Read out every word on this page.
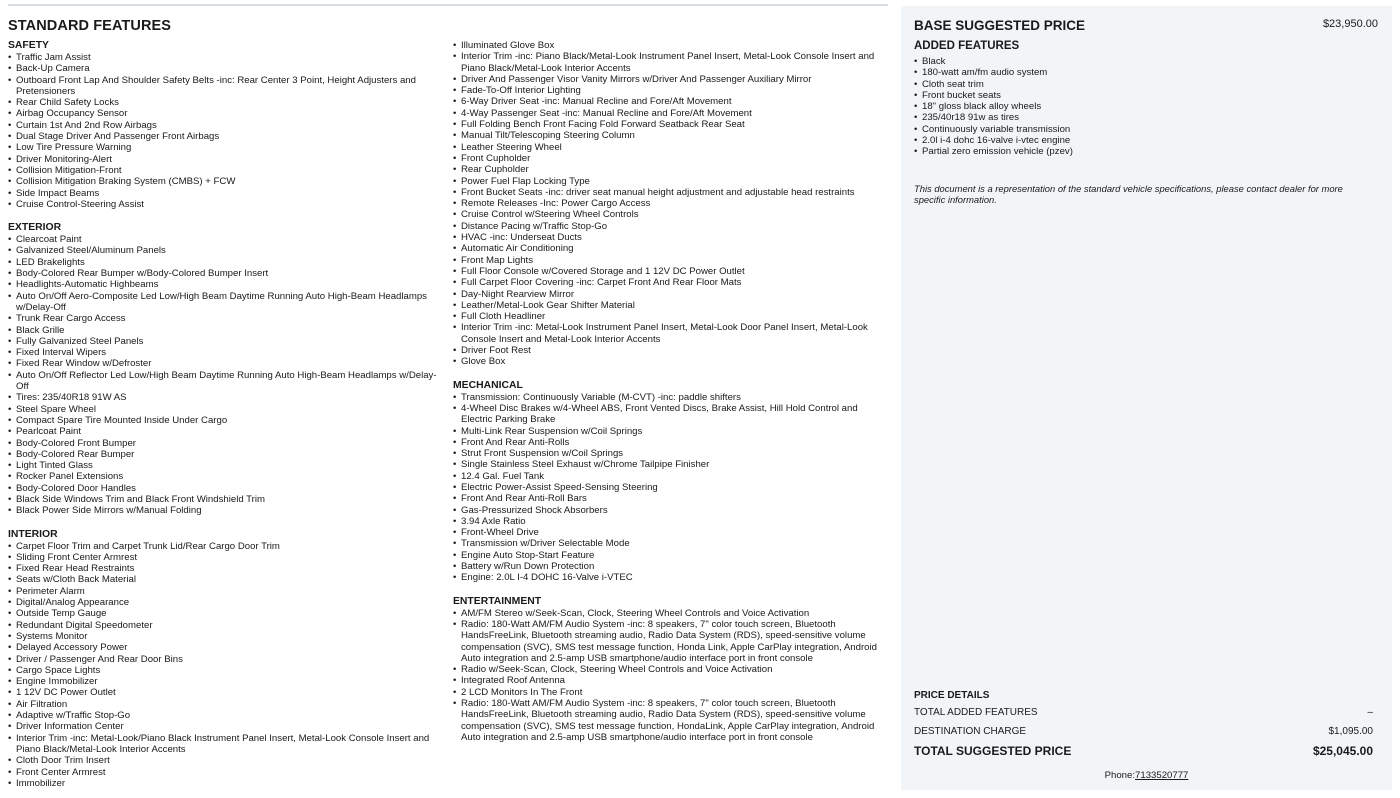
STANDARD FEATURES
SAFETY
• Traffic Jam Assist
• Back-Up Camera
• Outboard Front Lap And Shoulder Safety Belts -inc: Rear Center 3 Point, Height Adjusters and Pretensioners
• Rear Child Safety Locks
• Airbag Occupancy Sensor
• Curtain 1st And 2nd Row Airbags
• Dual Stage Driver And Passenger Front Airbags
• Low Tire Pressure Warning
• Driver Monitoring-Alert
• Collision Mitigation-Front
• Collision Mitigation Braking System (CMBS) + FCW
• Side Impact Beams
• Cruise Control-Steering Assist
EXTERIOR
• Clearcoat Paint
• Galvanized Steel/Aluminum Panels
• LED Brakelights
• Body-Colored Rear Bumper w/Body-Colored Bumper Insert
• Headlights-Automatic Highbeams
• Auto On/Off Aero-Composite Led Low/High Beam Daytime Running Auto High-Beam Headlamps w/Delay-Off
• Trunk Rear Cargo Access
• Black Grille
• Fully Galvanized Steel Panels
• Fixed Interval Wipers
• Fixed Rear Window w/Defroster
• Auto On/Off Reflector Led Low/High Beam Daytime Running Auto High-Beam Headlamps w/Delay-Off
• Tires: 235/40R18 91W AS
• Steel Spare Wheel
• Compact Spare Tire Mounted Inside Under Cargo
• Pearlcoat Paint
• Body-Colored Front Bumper
• Body-Colored Rear Bumper
• Light Tinted Glass
• Rocker Panel Extensions
• Body-Colored Door Handles
• Black Side Windows Trim and Black Front Windshield Trim
• Black Power Side Mirrors w/Manual Folding
INTERIOR
• Carpet Floor Trim and Carpet Trunk Lid/Rear Cargo Door Trim
• Sliding Front Center Armrest
• Fixed Rear Head Restraints
• Seats w/Cloth Back Material
• Perimeter Alarm
• Digital/Analog Appearance
• Outside Temp Gauge
• Redundant Digital Speedometer
• Systems Monitor
• Delayed Accessory Power
• Driver / Passenger And Rear Door Bins
• Cargo Space Lights
• Engine Immobilizer
• 1 12V DC Power Outlet
• Air Filtration
• Adaptive w/Traffic Stop-Go
• Driver Information Center
• Interior Trim -inc: Metal-Look/Piano Black Instrument Panel Insert, Metal-Look Console Insert and Piano Black/Metal-Look Interior Accents
• Cloth Door Trim Insert
• Front Center Armrest
• Immobilizer
• Illuminated Glove Box
• Interior Trim -inc: Piano Black/Metal-Look Instrument Panel Insert, Metal-Look Console Insert and Piano Black/Metal-Look Interior Accents
• Driver And Passenger Visor Vanity Mirrors w/Driver And Passenger Auxiliary Mirror
• Fade-To-Off Interior Lighting
• 6-Way Driver Seat -inc: Manual Recline and Fore/Aft Movement
• 4-Way Passenger Seat -inc: Manual Recline and Fore/Aft Movement
• Full Folding Bench Front Facing Fold Forward Seatback Rear Seat
• Manual Tilt/Telescoping Steering Column
• Leather Steering Wheel
• Front Cupholder
• Rear Cupholder
• Power Fuel Flap Locking Type
• Front Bucket Seats -inc: driver seat manual height adjustment and adjustable head restraints
• Remote Releases -Inc: Power Cargo Access
• Cruise Control w/Steering Wheel Controls
• Distance Pacing w/Traffic Stop-Go
• HVAC -inc: Underseat Ducts
• Automatic Air Conditioning
• Front Map Lights
• Full Floor Console w/Covered Storage and 1 12V DC Power Outlet
• Full Carpet Floor Covering -inc: Carpet Front And Rear Floor Mats
• Day-Night Rearview Mirror
• Leather/Metal-Look Gear Shifter Material
• Full Cloth Headliner
• Interior Trim -inc: Metal-Look Instrument Panel Insert, Metal-Look Door Panel Insert, Metal-Look Console Insert and Metal-Look Interior Accents
• Driver Foot Rest
• Glove Box
MECHANICAL
• Transmission: Continuously Variable (M-CVT) -inc: paddle shifters
• 4-Wheel Disc Brakes w/4-Wheel ABS, Front Vented Discs, Brake Assist, Hill Hold Control and Electric Parking Brake
• Multi-Link Rear Suspension w/Coil Springs
• Front And Rear Anti-Rolls
• Strut Front Suspension w/Coil Springs
• Single Stainless Steel Exhaust w/Chrome Tailpipe Finisher
• 12.4 Gal. Fuel Tank
• Electric Power-Assist Speed-Sensing Steering
• Front And Rear Anti-Roll Bars
• Gas-Pressurized Shock Absorbers
• 3.94 Axle Ratio
• Front-Wheel Drive
• Transmission w/Driver Selectable Mode
• Engine Auto Stop-Start Feature
• Battery w/Run Down Protection
• Engine: 2.0L I-4 DOHC 16-Valve i-VTEC
ENTERTAINMENT
• AM/FM Stereo w/Seek-Scan, Clock, Steering Wheel Controls and Voice Activation
• Radio: 180-Watt AM/FM Audio System -inc: 8 speakers, 7" color touch screen, Bluetooth HandsFreeLink, Bluetooth streaming audio, Radio Data System (RDS), speed-sensitive volume compensation (SVC), SMS test message function, Honda Link, Apple CarPlay integration, Android Auto integration and 2.5-amp USB smartphone/audio interface port in front console
• Radio w/Seek-Scan, Clock, Steering Wheel Controls and Voice Activation
• Integrated Roof Antenna
• 2 LCD Monitors In The Front
• Radio: 180-Watt AM/FM Audio System -inc: 8 speakers, 7" color touch screen, Bluetooth HandsFreeLink, Bluetooth streaming audio, Radio Data System (RDS), speed-sensitive volume compensation (SVC), SMS test message function, HondaLink, Apple CarPlay integration, Android Auto integration and 2.5-amp USB smartphone/audio interface port in front console
BASE SUGGESTED PRICE	$23,950.00
ADDED FEATURES
• Black
• 180-watt am/fm audio system
• Cloth seat trim
• Front bucket seats
• 18" gloss black alloy wheels
• 235/40r18 91w as tires
• Continuously variable transmission
• 2.0l i-4 dohc 16-valve i-vtec engine
• Partial zero emission vehicle (pzev)
This document is a representation of the standard vehicle specifications, please contact dealer for more specific information.
PRICE DETAILS
TOTAL ADDED FEATURES	–
DESTINATION CHARGE	$1,095.00
TOTAL SUGGESTED PRICE	$25,045.00
Phone:7133520777
